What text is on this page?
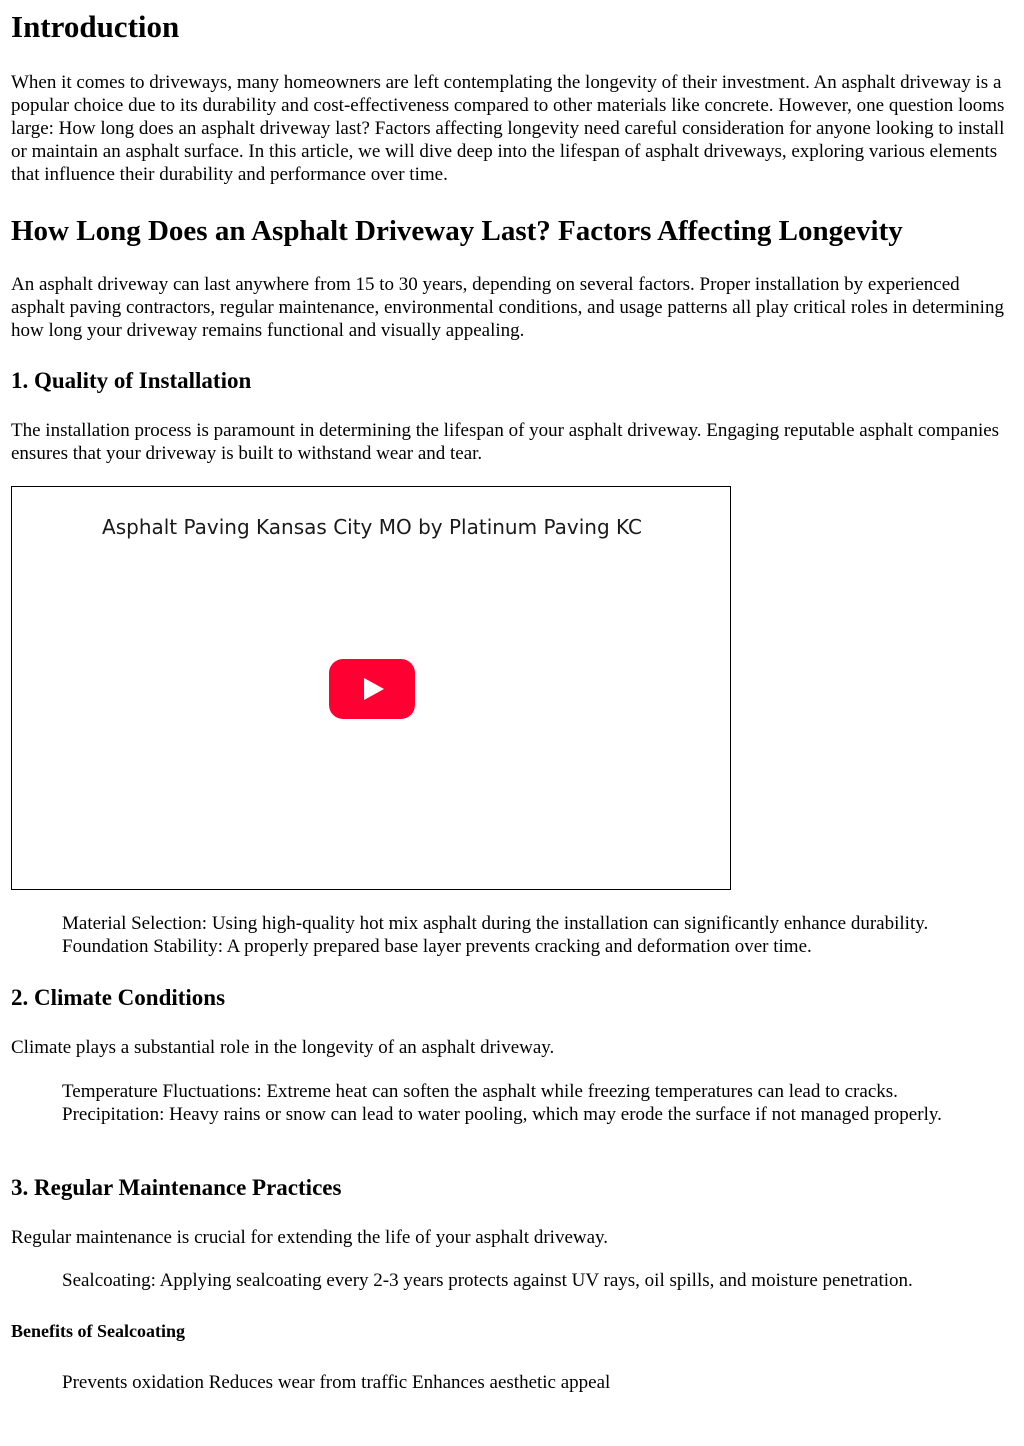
Introduction

When it comes to driveways, many homeowners are left contemplating the longevity of their investment. An asphalt driveway is a popular choice due to its durability and cost-effectiveness compared to other materials like concrete. However, one question looms large: How long does an asphalt driveway last? Factors affecting longevity need careful consideration for anyone looking to install or maintain an asphalt surface. In this article, we will dive deep into the lifespan of asphalt driveways, exploring various elements that influence their durability and performance over time.

How Long Does an Asphalt Driveway Last? Factors Affecting Longevity

An asphalt driveway can last anywhere from 15 to 30 years, depending on several factors. Proper installation by experienced asphalt paving contractors, regular maintenance, environmental conditions, and usage patterns all play critical roles in determining how long your driveway remains functional and visually appealing.

1. Quality of Installation

The installation process is paramount in determining the lifespan of your asphalt driveway. Engaging reputable asphalt companies ensures that your driveway is built to withstand wear and tear.

Asphalt Paving Kansas City MO by Platinum Paving KC
Material Selection: Using high-quality hot mix asphalt during the installation can significantly enhance durability.
Foundation Stability: A properly prepared base layer prevents cracking and deformation over time.
2. Climate Conditions

Climate plays a substantial role in the longevity of an asphalt driveway.

Temperature Fluctuations: Extreme heat can soften the asphalt while freezing temperatures can lead to cracks.
Precipitation: Heavy rains or snow can lead to water pooling, which may erode the surface if not managed properly.
3. Regular Maintenance Practices

Regular maintenance is crucial for extending the life of your asphalt driveway.

Sealcoating: Applying sealcoating every 2-3 years protects against UV rays, oil spills, and moisture penetration.
Benefits of Sealcoating
Prevents oxidation Reduces wear from traffic Enhances aesthetic appeal
